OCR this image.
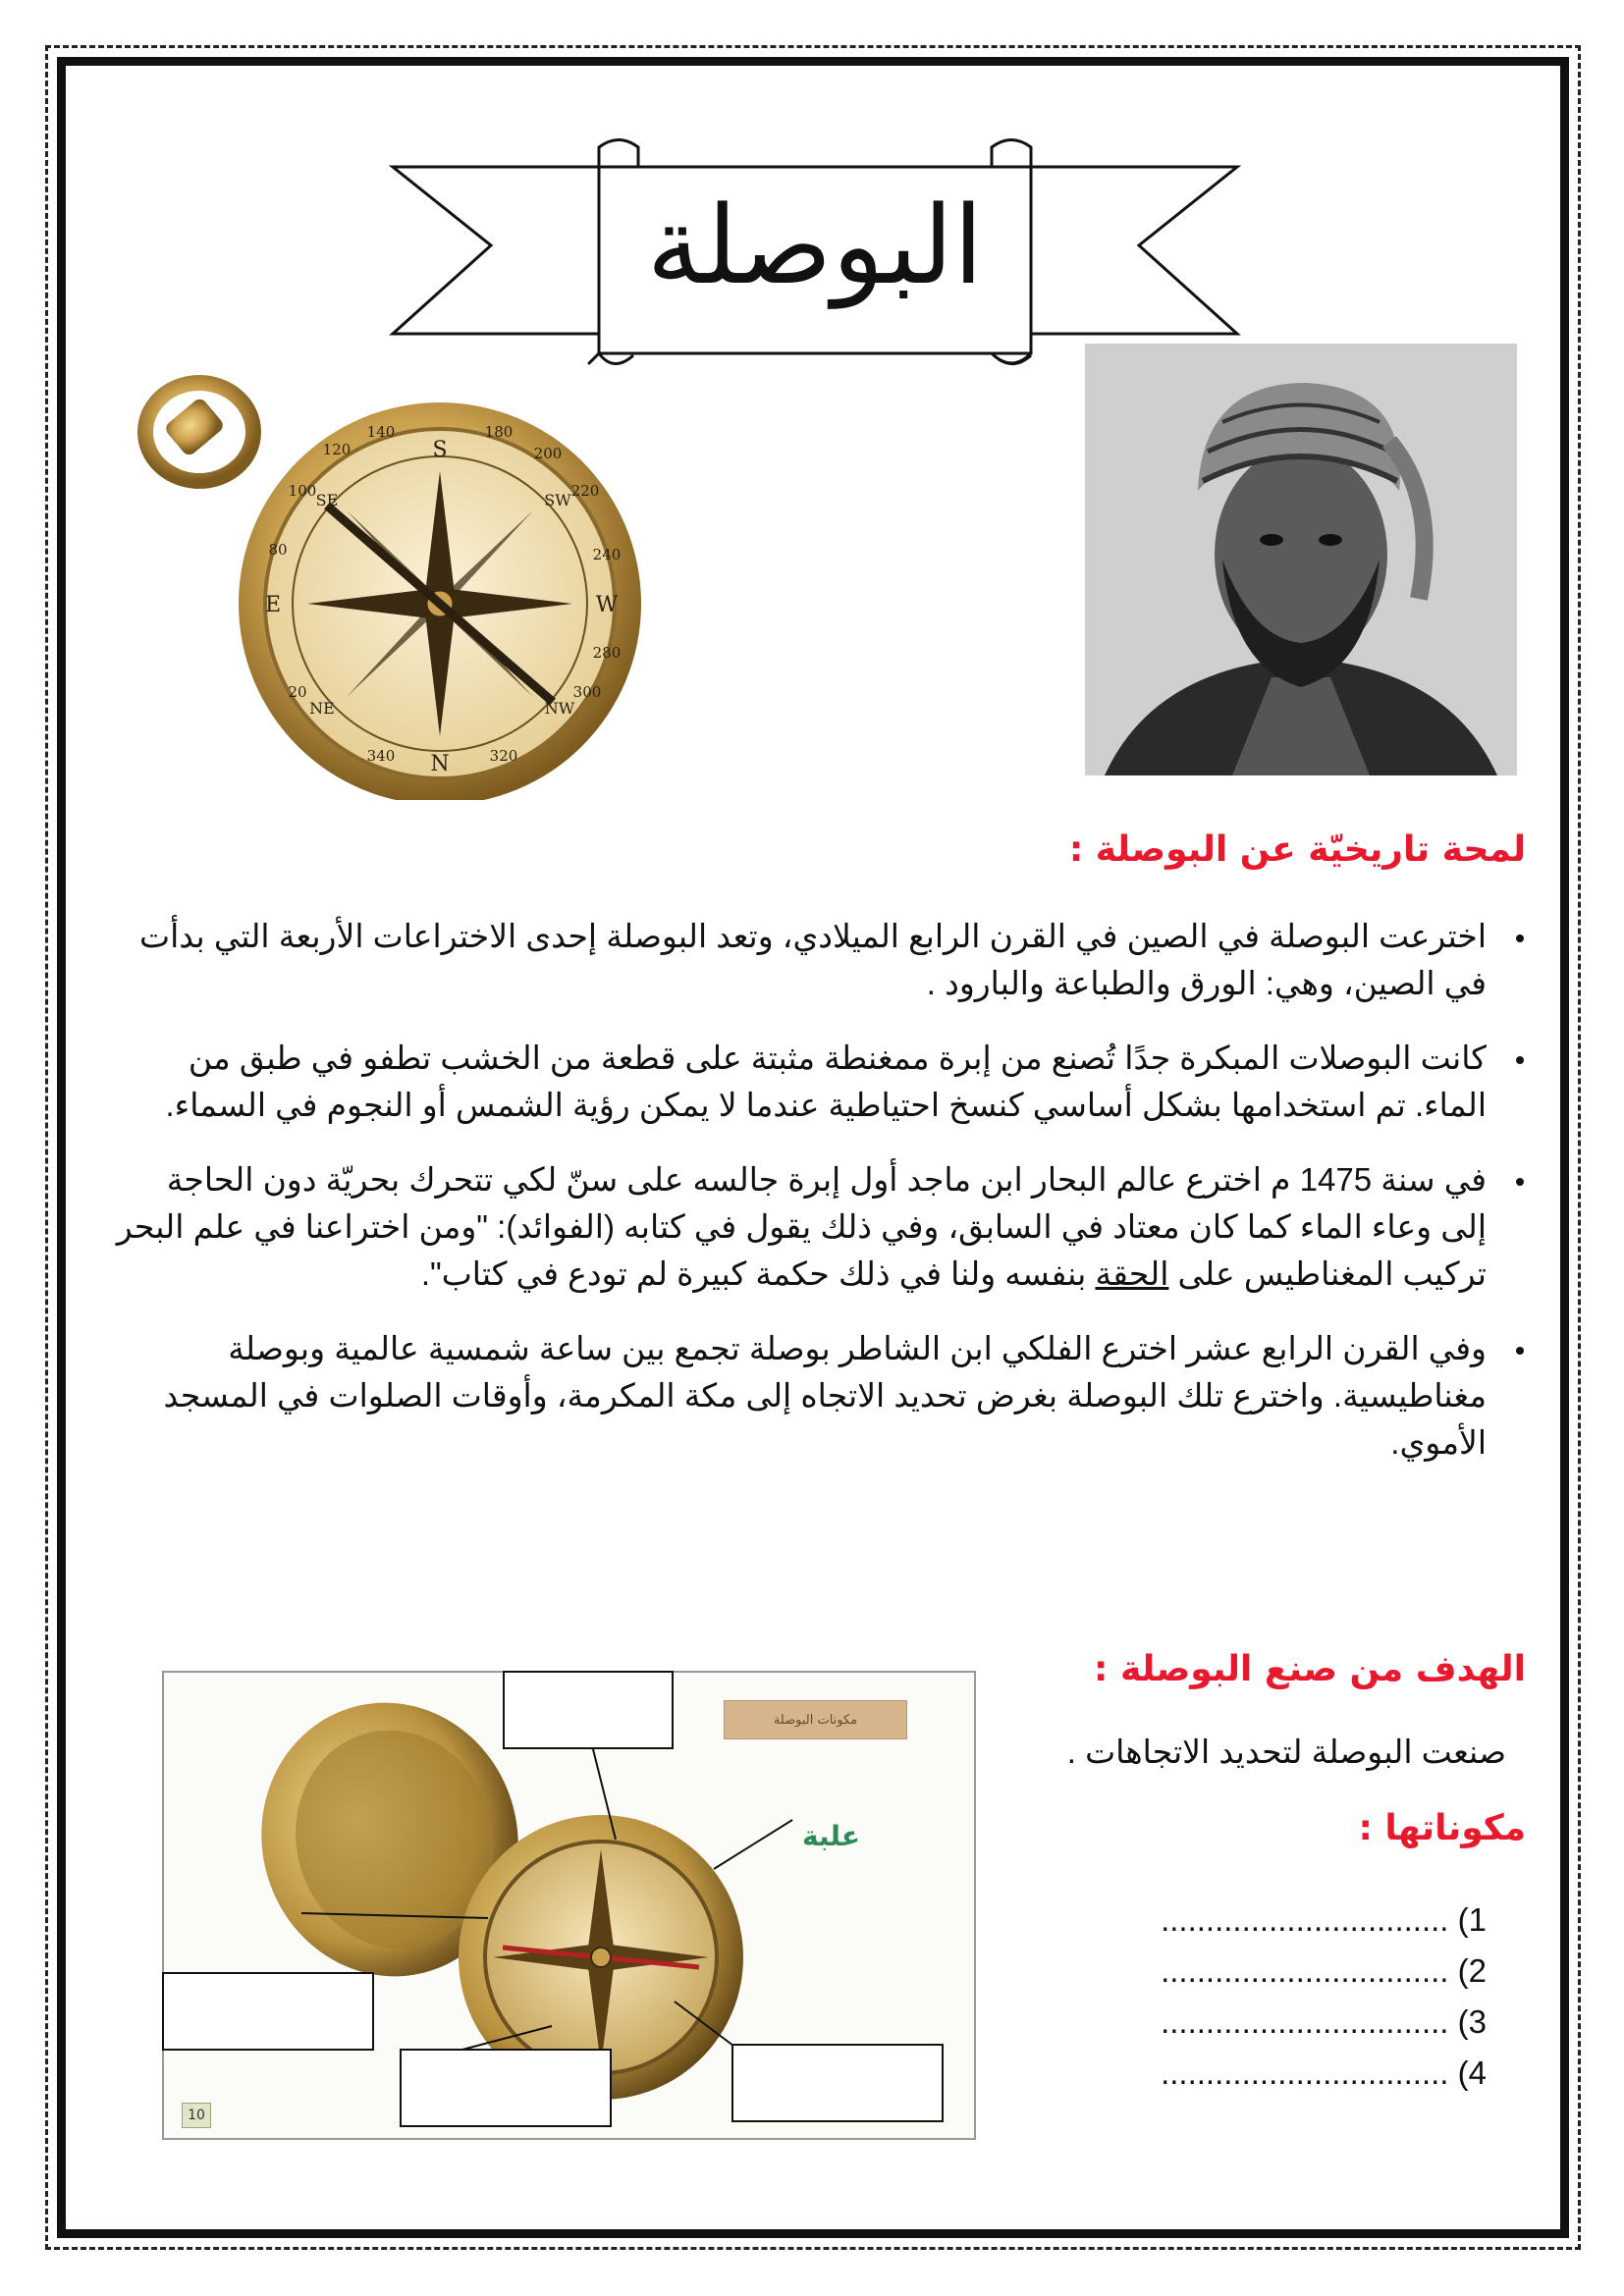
البوصلة
S
N
E	W
SE	SW
NE	NW
140	180
120	200
220
240
280
300
320
340
20
80
100
لمحة تاريخيّة عن البوصلة :
اخترعت البوصلة في الصين في القرن الرابع الميلادي، وتعد البوصلة إحدى الاختراعات الأربعة التي بدأت في الصين، وهي: الورق والطباعة والبارود .
كانت البوصلات المبكرة جدًا تُصنع من إبرة ممغنطة مثبتة على قطعة من الخشب تطفو في طبق من الماء. تم استخدامها بشكل أساسي كنسخ احتياطية عندما لا يمكن رؤية الشمس أو النجوم في السماء.
في سنة 1475 م اخترع عالم البحار ابن ماجد أول إبرة جالسه على سنّ لكي تتحرك بحريّة دون الحاجة إلى وعاء الماء كما كان معتاد في السابق، وفي ذلك يقول في كتابه (الفوائد): "ومن اختراعنا في علم البحر تركيب المغناطيس على الحقة بنفسه ولنا في ذلك حكمة كبيرة لم تودع في كتاب".
وفي القرن الرابع عشر اخترع الفلكي ابن الشاطر بوصلة تجمع بين ساعة شمسية عالمية وبوصلة مغناطيسية. واخترع تلك البوصلة بغرض تحديد الاتجاه إلى مكة المكرمة، وأوقات الصلوات في المسجد الأموي.
الهدف من صنع البوصلة :

صنعت البوصلة لتحديد الاتجاهات .

مكوناتها :
1) ................................
2) ................................
3) ................................
4) ................................
مكونات البوصلة
علبة
10
